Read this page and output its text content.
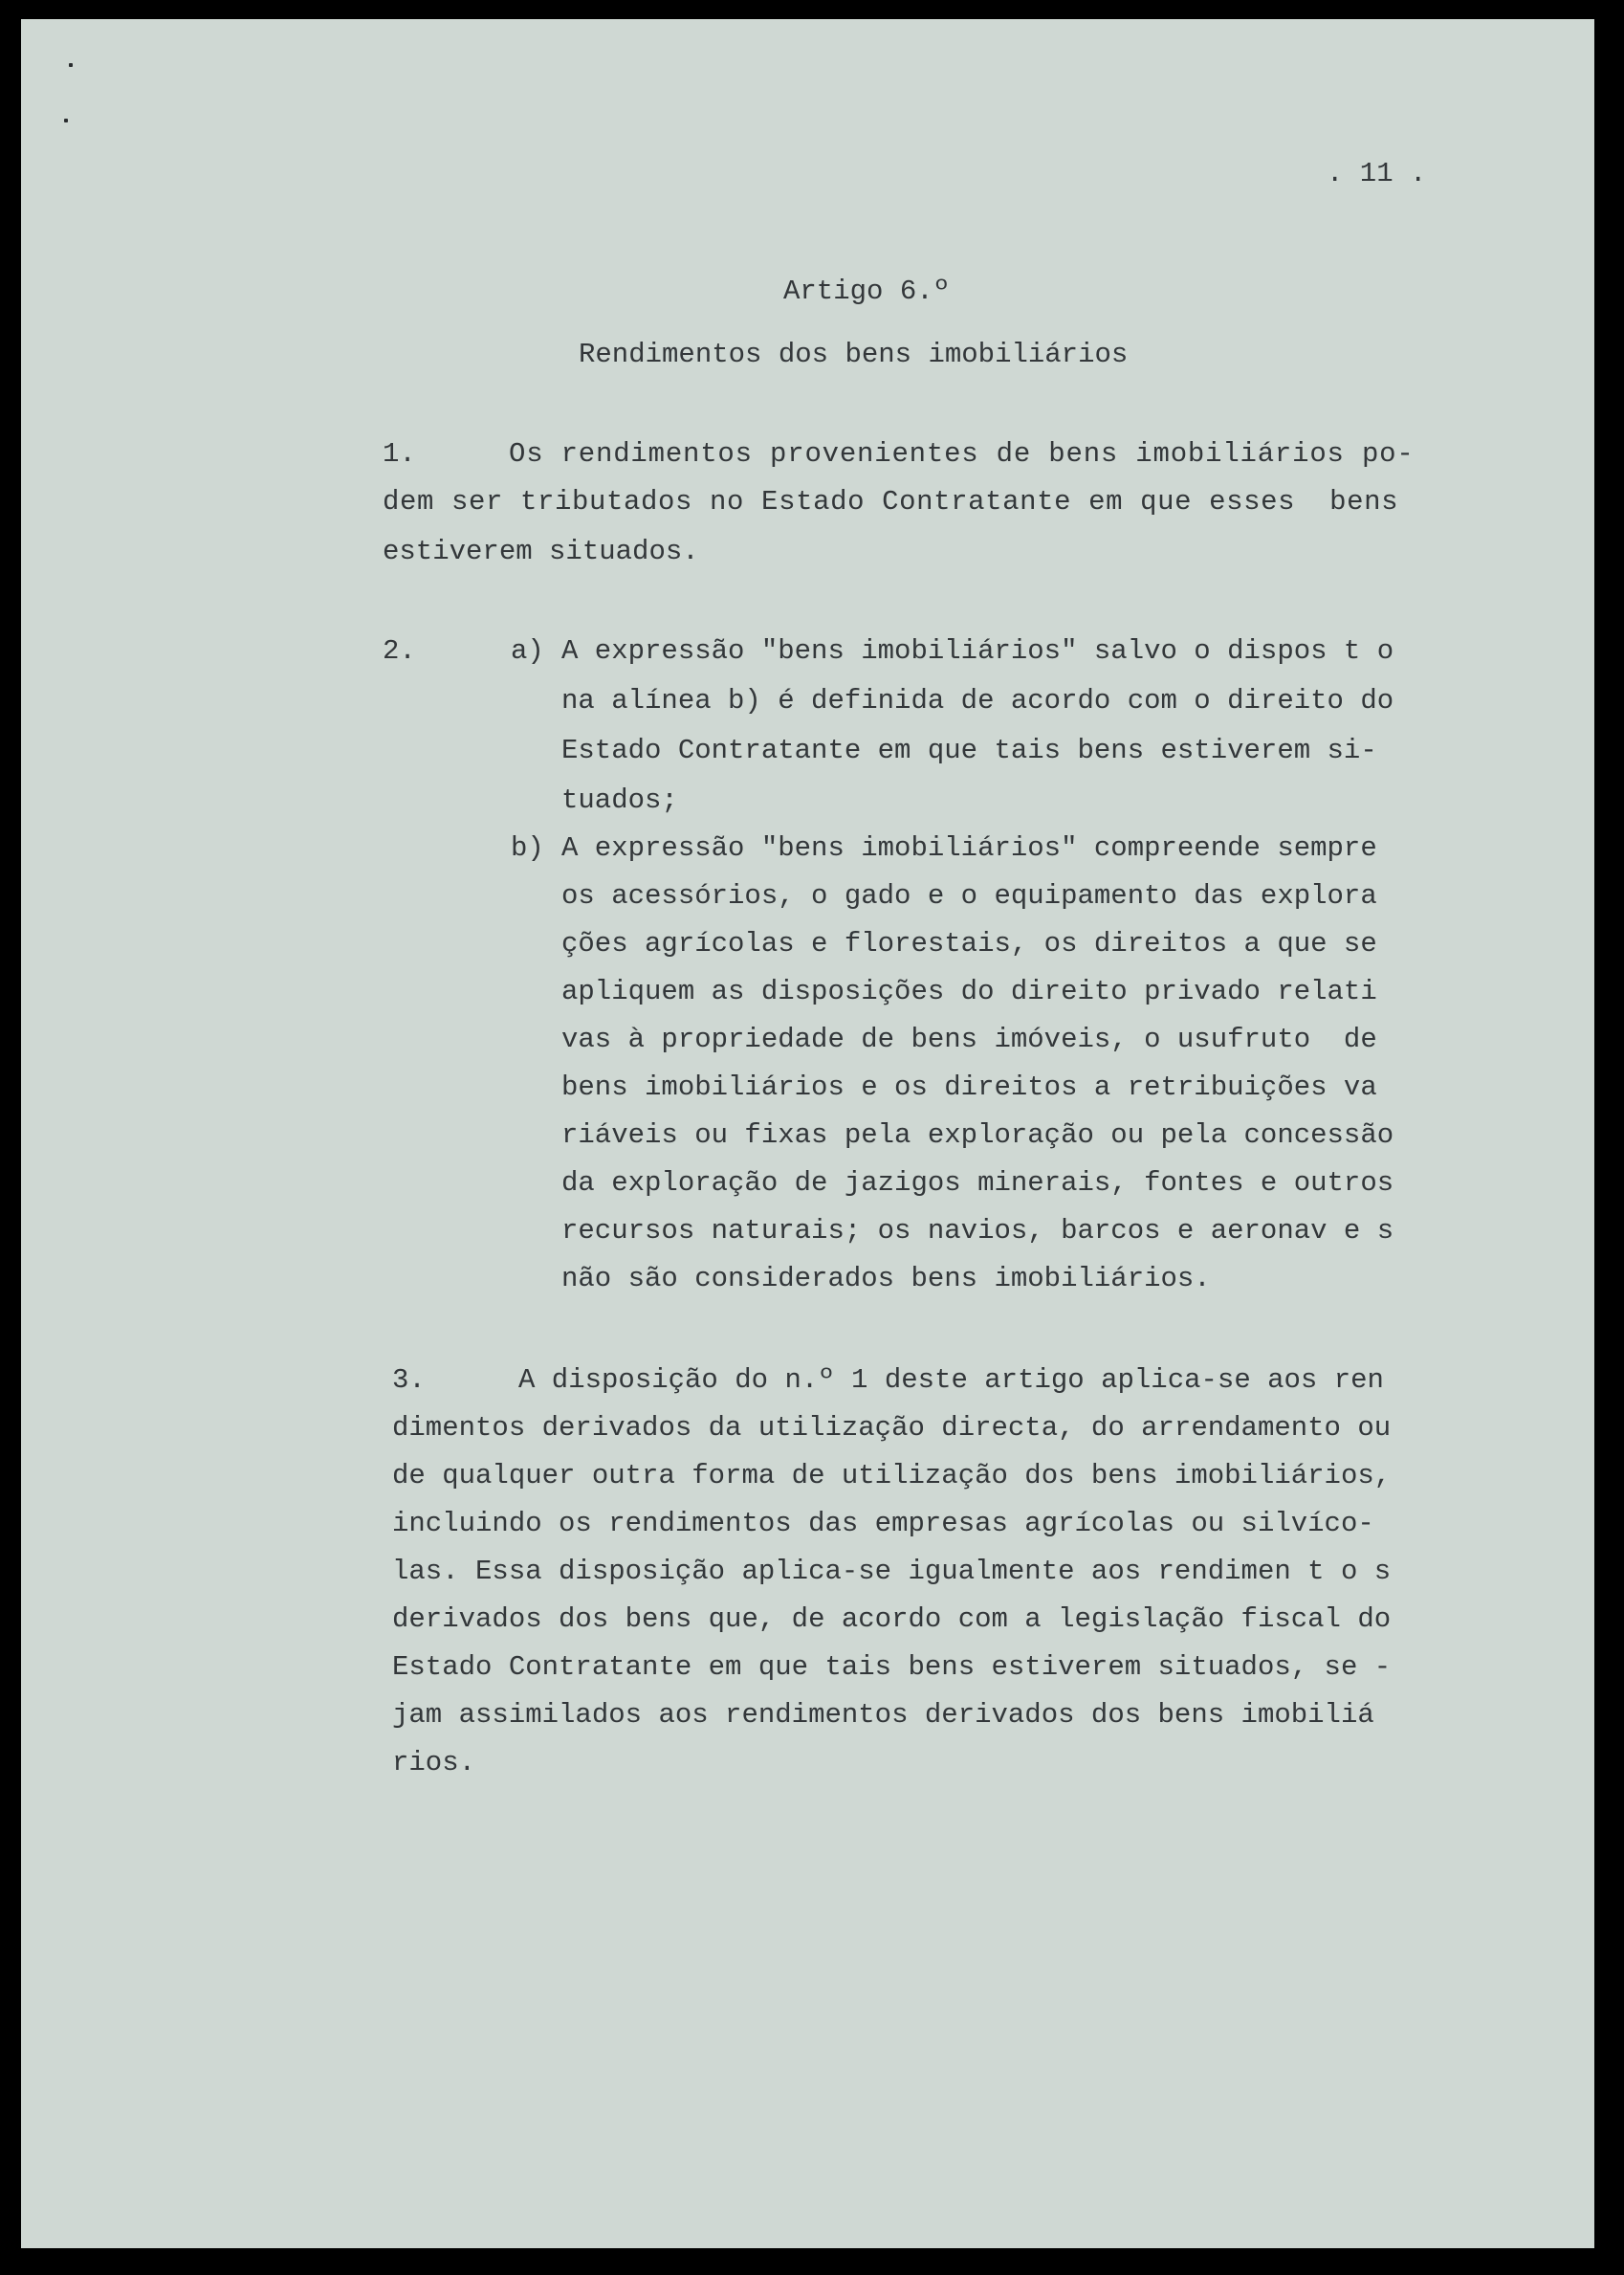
. 11 .
Artigo 6.º
Rendimentos dos bens imobiliários
1.	Os rendimentos provenientes de bens imobiliários po-
dem ser tributados no Estado Contratante em que esses  bens
estiverem situados.
2.	a) A expressão "bens imobiliários" salvo o dispos t o
na alínea b) é definida de acordo com o direito do
Estado Contratante em que tais bens estiverem si-
tuados;
b) A expressão "bens imobiliários" compreende sempre
os acessórios, o gado e o equipamento das explora
ções agrícolas e florestais, os direitos a que se
apliquem as disposições do direito privado relati
vas à propriedade de bens imóveis, o usufruto  de
bens imobiliários e os direitos a retribuições va
riáveis ou fixas pela exploração ou pela concessão
da exploração de jazigos minerais, fontes e outros
recursos naturais; os navios, barcos e aeronav e s
não são considerados bens imobiliários.
3.	A disposição do n.º 1 deste artigo aplica-se aos ren
dimentos derivados da utilização directa, do arrendamento ou
de qualquer outra forma de utilização dos bens imobiliários,
incluindo os rendimentos das empresas agrícolas ou silvíco-
las. Essa disposição aplica-se igualmente aos rendimen t o s
derivados dos bens que, de acordo com a legislação fiscal do
Estado Contratante em que tais bens estiverem situados, se -
jam assimilados aos rendimentos derivados dos bens imobiliá
rios.
